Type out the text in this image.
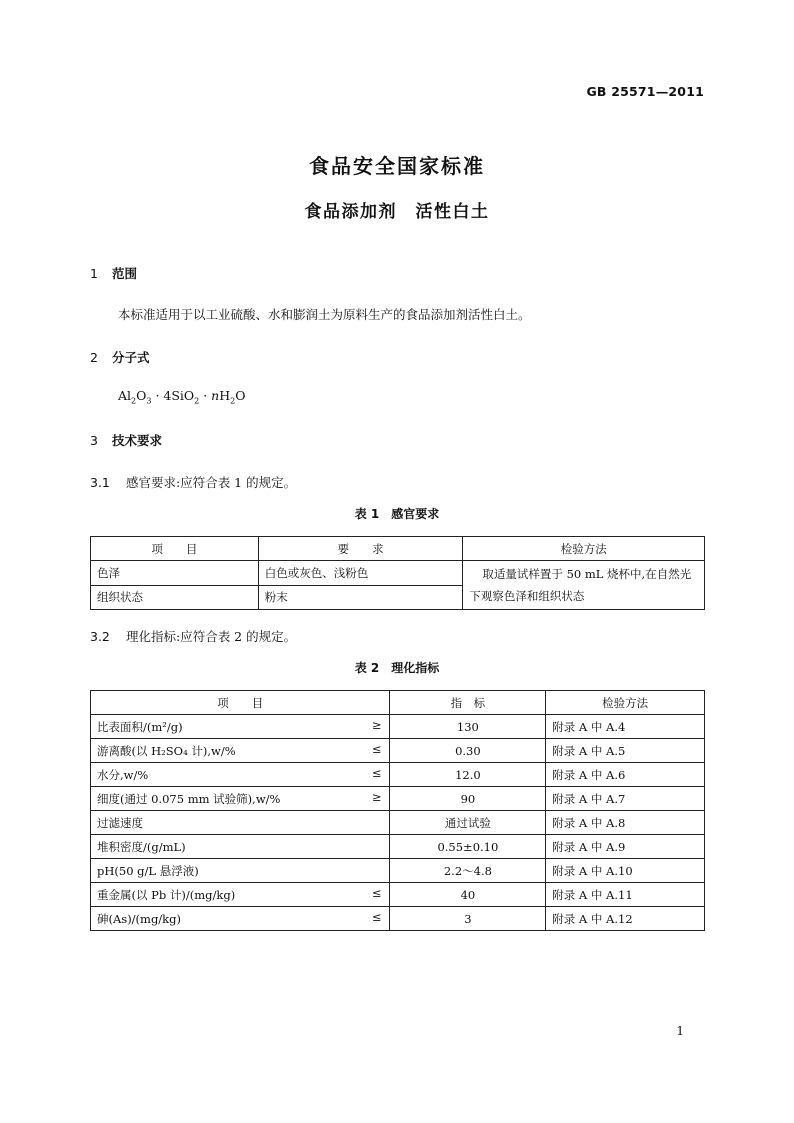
GB 25571—2011
食品安全国家标准
食品添加剂　活性白土
1 范围
本标准适用于以工业硫酸、水和膨润土为原料生产的食品添加剂活性白土。
2 分子式
$Al_2O_3 \cdot 4SiO_2 \cdot nH_2O$
3 技术要求
3.1 感官要求:应符合表 1 的规定。
表 1　感官要求
项　　目	要　　求	检验方法
色泽	白色或灰色、浅粉色	取适量试样置于 50 mL 烧杯中,在自然光下观察色泽和组织状态
组织状态	粉末	
3.2 理化指标:应符合表 2 的规定。
表 2　理化指标
项　　目	指　标	检验方法
比表面积/(m²/g) ≥	130	附录 A 中 A.4
游离酸(以 H₂SO₄ 计),w/% ≤	0.30	附录 A 中 A.5
水分,w/% ≤	12.0	附录 A 中 A.6
细度(通过 0.075 mm 试验筛),w/% ≥	90	附录 A 中 A.7
过滤速度	通过试验	附录 A 中 A.8
堆积密度/(g/mL)	0.55±0.10	附录 A 中 A.9
pH(50 g/L 悬浮液)	2.2～4.8	附录 A 中 A.10
重金属(以 Pb 计)/(mg/kg) ≤	40	附录 A 中 A.11
砷(As)/(mg/kg) ≤	3	附录 A 中 A.12
1
